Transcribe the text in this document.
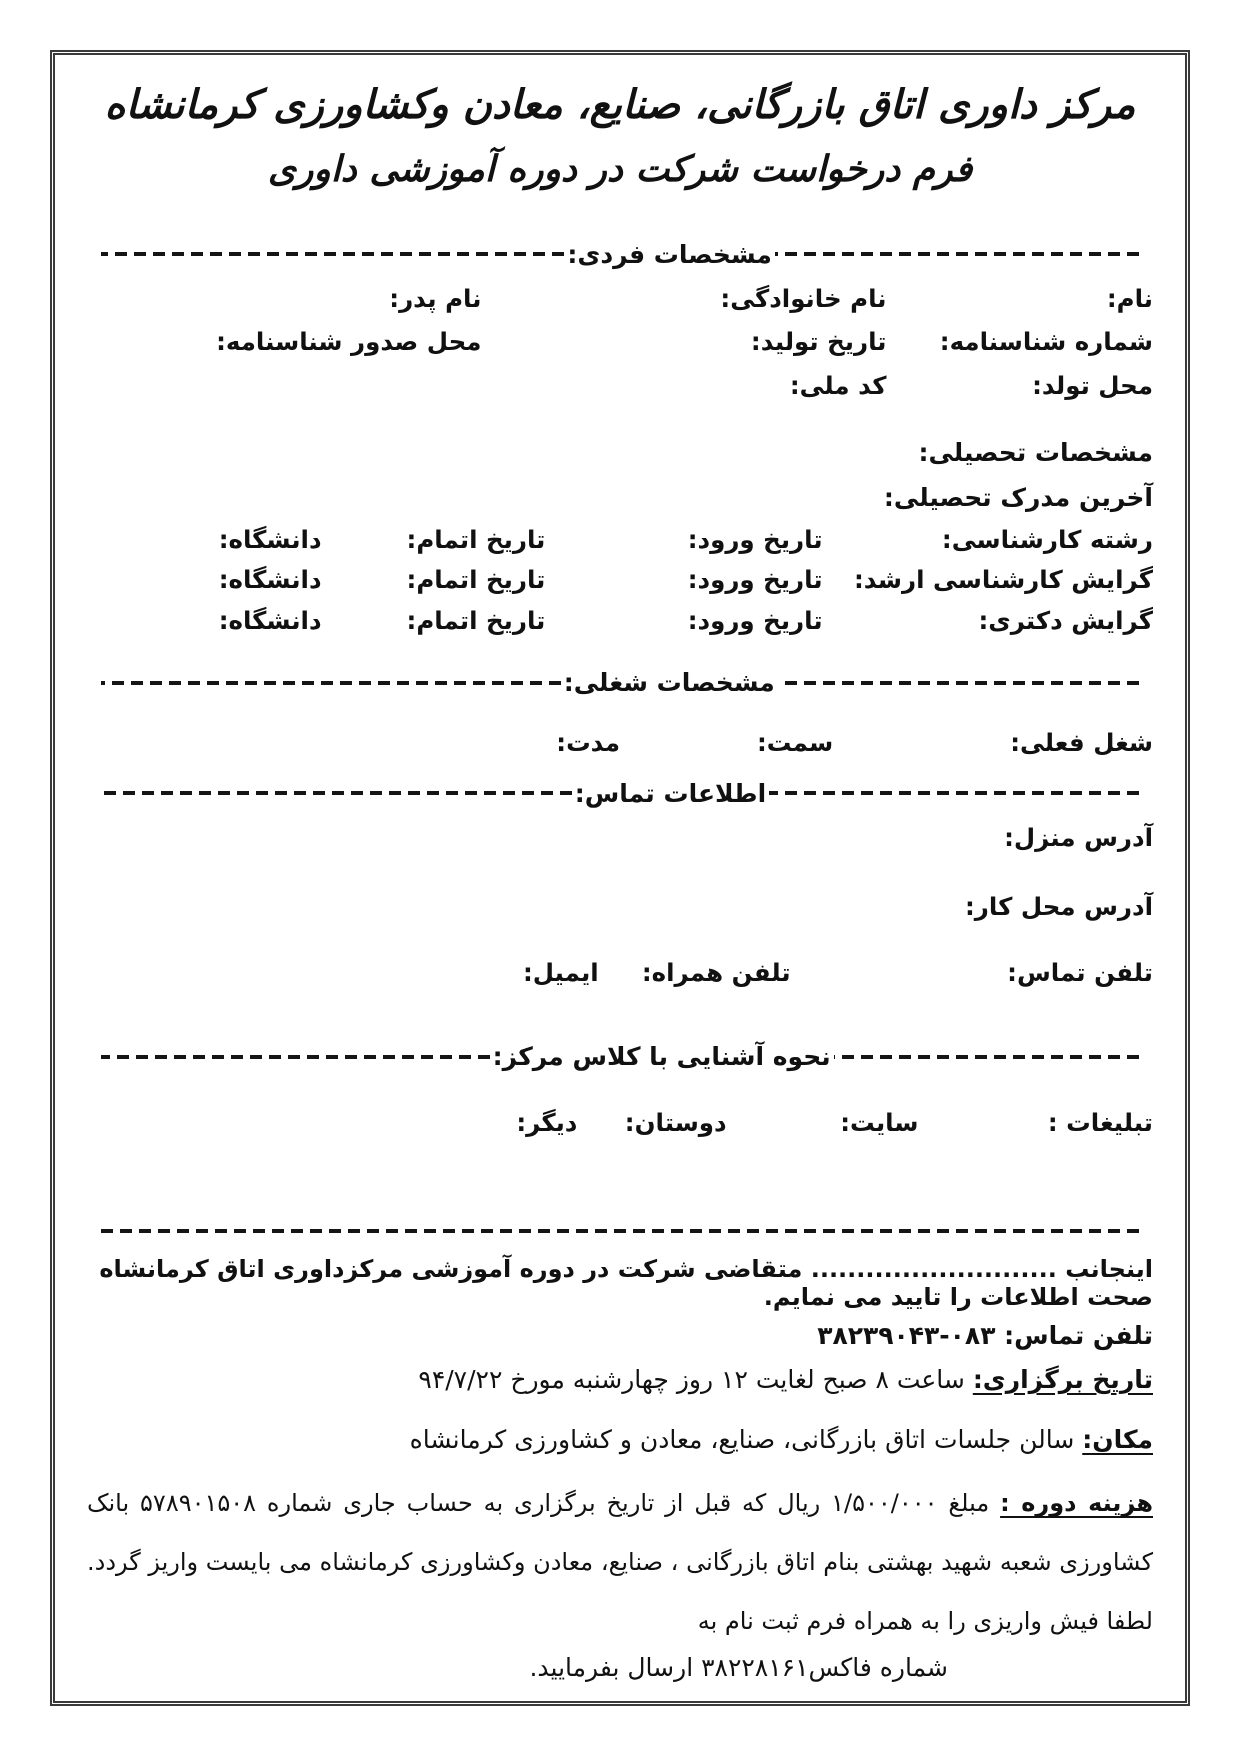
مرکز داوری اتاق بازرگانی، صنایع، معادن وکشاورزی کرمانشاه
فرم درخواست شرکت در دوره آموزشی داوری
مشخصات فردی:
نام:
نام خانوادگی:
نام پدر:
شماره شناسنامه:
تاریخ تولید:
محل صدور شناسنامه:
محل تولد:
کد ملی:
مشخصات تحصیلی:
آخرین مدرک تحصیلی:
رشته کارشناسی:
تاریخ ورود:
تاریخ اتمام:
دانشگاه:
گرایش کارشناسی ارشد:
تاریخ ورود:
تاریخ اتمام:
دانشگاه:
گرایش دکتری:
تاریخ ورود:
تاریخ اتمام:
دانشگاه:
مشخصات شغلی:
شغل فعلی:
سمت:
مدت:
اطلاعات تماس:
آدرس منزل:
آدرس محل کار:
تلفن تماس:
تلفن همراه:
ایمیل:
نحوه آشنایی با کلاس مرکز:
تبلیغات :
سایت:
دوستان:
دیگر:
اینجانب ........................... متقاضی شرکت در دوره آموزشی مرکزداوری اتاق کرمانشاه صحت اطلاعات را تایید می نمایم.
تلفن تماس: ۰۸۳-۳۸۲۳۹۰۴۳
تاریخ برگزاری: ساعت ۸ صبح لغایت ۱۲ روز چهارشنبه مورخ ۹۴/۷/۲۲
مکان: سالن جلسات اتاق بازرگانی، صنایع، معادن و کشاورزی کرمانشاه
هزینه دوره : مبلغ ۱/۵۰۰/۰۰۰ ریال که قبل از تاریخ برگزاری به حساب جاری شماره ۵۷۸۹۰۱۵۰۸ بانک کشاورزی شعبه شهید بهشتی بنام اتاق بازرگانی ، صنایع، معادن وکشاورزی کرمانشاه می بایست واریز گردد. لطفا فیش واریزی را به همراه فرم ثبت نام به
شماره فاکس۳۸۲۲۸۱۶۱ ارسال بفرمایید.
